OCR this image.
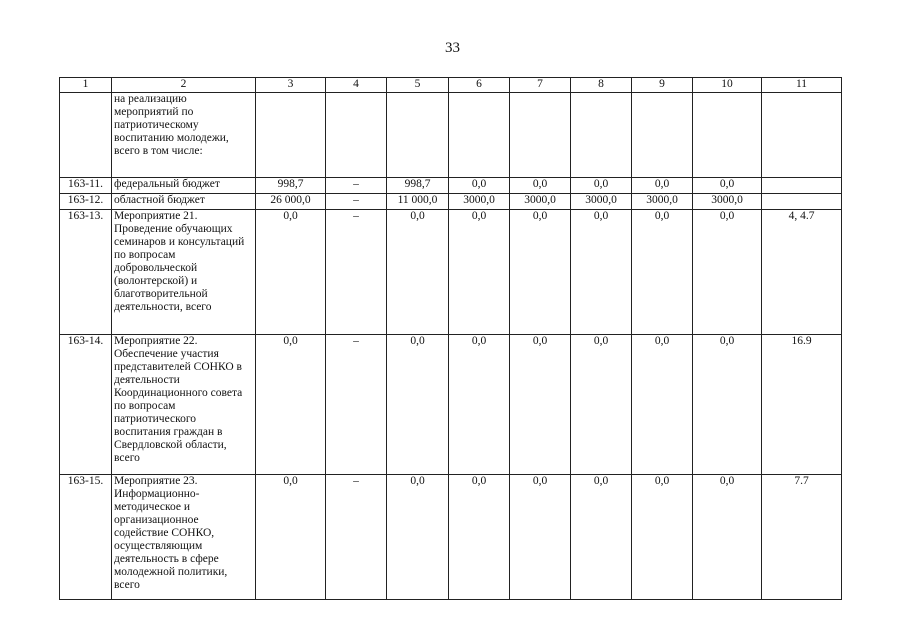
33
1	2	3	4	5	6	7	8	9	10	11
	на реализацию мероприятий по патриотическому воспитанию молодежи, всего в том числе:									
163-11.	федеральный бюджет	998,7	–	998,7	0,0	0,0	0,0	0,0	0,0	
163-12.	областной бюджет	26 000,0	–	11 000,0	3000,0	3000,0	3000,0	3000,0	3000,0	
163-13.	Мероприятие 21. Проведение обучающих семинаров и консультаций по вопросам добровольческой (волонтерской) и благотворительной деятельности, всего	0,0	–	0,0	0,0	0,0	0,0	0,0	0,0	4, 4.7
163-14.	Мероприятие 22. Обеспечение участия представителей СОНКО в деятельности Координационного совета по вопросам патриотического воспитания граждан в Свердловской области, всего	0,0	–	0,0	0,0	0,0	0,0	0,0	0,0	16.9
163-15.	Мероприятие 23. Информационно-методическое и организационное содействие СОНКО, осуществляющим деятельность в сфере молодежной политики, всего	0,0	–	0,0	0,0	0,0	0,0	0,0	0,0	7.7
